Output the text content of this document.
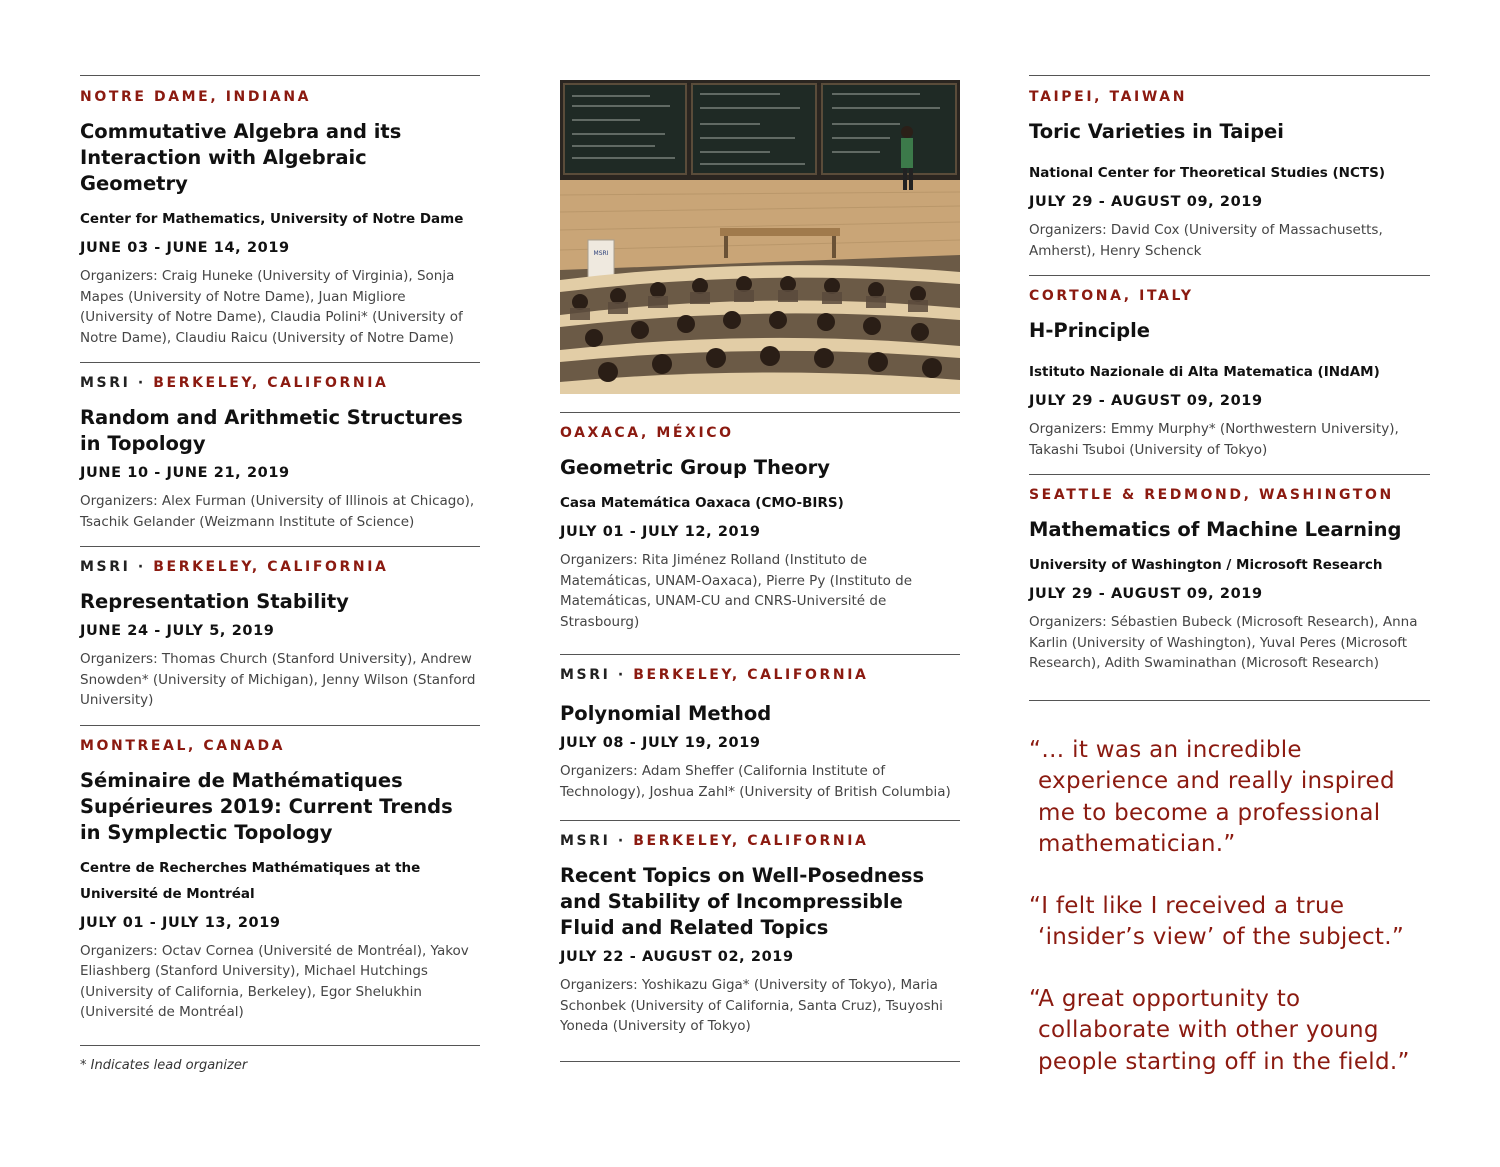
NOTRE DAME, INDIANA

Commutative Algebra and its Interaction with Algebraic Geometry

Center for Mathematics, University of Notre Dame

JUNE 03 - JUNE 14, 2019

Organizers: Craig Huneke (University of Virginia), Sonja Mapes (University of Notre Dame), Juan Migliore (University of Notre Dame), Claudia Polini* (University of Notre Dame), Claudiu Raicu (University of Notre Dame)

MSRI · BERKELEY, CALIFORNIA

Random and Arithmetic Structures in Topology

JUNE 10 - JUNE 21, 2019

Organizers: Alex Furman (University of Illinois at Chicago), Tsachik Gelander (Weizmann Institute of Science)

MSRI · BERKELEY, CALIFORNIA

Representation Stability

JUNE 24 - JULY 5, 2019

Organizers: Thomas Church (Stanford University), Andrew Snowden* (University of Michigan), Jenny Wilson (Stanford University)

MONTREAL, CANADA

Séminaire de Mathématiques Supérieures 2019: Current Trends in Symplectic Topology

Centre de Recherches Mathématiques at the Université de Montréal

JULY 01 - JULY 13, 2019

Organizers: Octav Cornea (Université de Montréal), Yakov Eliashberg (Stanford University), Michael Hutchings (University of California, Berkeley), Egor Shelukhin (Université de Montréal)

* Indicates lead organizer
MSRI

OAXACA, MÉXICO

Geometric Group Theory

Casa Matemática Oaxaca (CMO-BIRS)

JULY 01 - JULY 12, 2019

Organizers: Rita Jiménez Rolland (Instituto de Matemáticas, UNAM-Oaxaca), Pierre Py (Instituto de Matemáticas, UNAM-CU and CNRS-Université de Strasbourg)

MSRI · BERKELEY, CALIFORNIA

Polynomial Method

JULY 08 - JULY 19, 2019

Organizers: Adam Sheffer (California Institute of Technology), Joshua Zahl* (University of British Columbia)

MSRI · BERKELEY, CALIFORNIA

Recent Topics on Well-Posedness and Stability of Incompressible Fluid and Related Topics

JULY 22 - AUGUST 02, 2019

Organizers: Yoshikazu Giga* (University of Tokyo), Maria Schonbek (University of California, Santa Cruz), Tsuyoshi Yoneda (University of Tokyo)

TAIPEI, TAIWAN

Toric Varieties in Taipei

National Center for Theoretical Studies (NCTS)

JULY 29 - AUGUST 09, 2019

Organizers: David Cox (University of Massachusetts, Amherst), Henry Schenck

CORTONA, ITALY

H-Principle

Istituto Nazionale di Alta Matematica (INdAM)

JULY 29 - AUGUST 09, 2019

Organizers: Emmy Murphy* (Northwestern University), Takashi Tsuboi (University of Tokyo)

SEATTLE & REDMOND, WASHINGTON

Mathematics of Machine Learning

University of Washington / Microsoft Research

JULY 29 - AUGUST 09, 2019

Organizers: Sébastien Bubeck (Microsoft Research), Anna Karlin (University of Washington), Yuval Peres (Microsoft Research), Adith Swaminathan (Microsoft Research)

“… it was an incredible experience and really inspired me to become a professional mathematician.”

“I felt like I received a true ‘insider’s view’ of the subject.”

“A great opportunity to collaborate with other young people starting off in the field.”
